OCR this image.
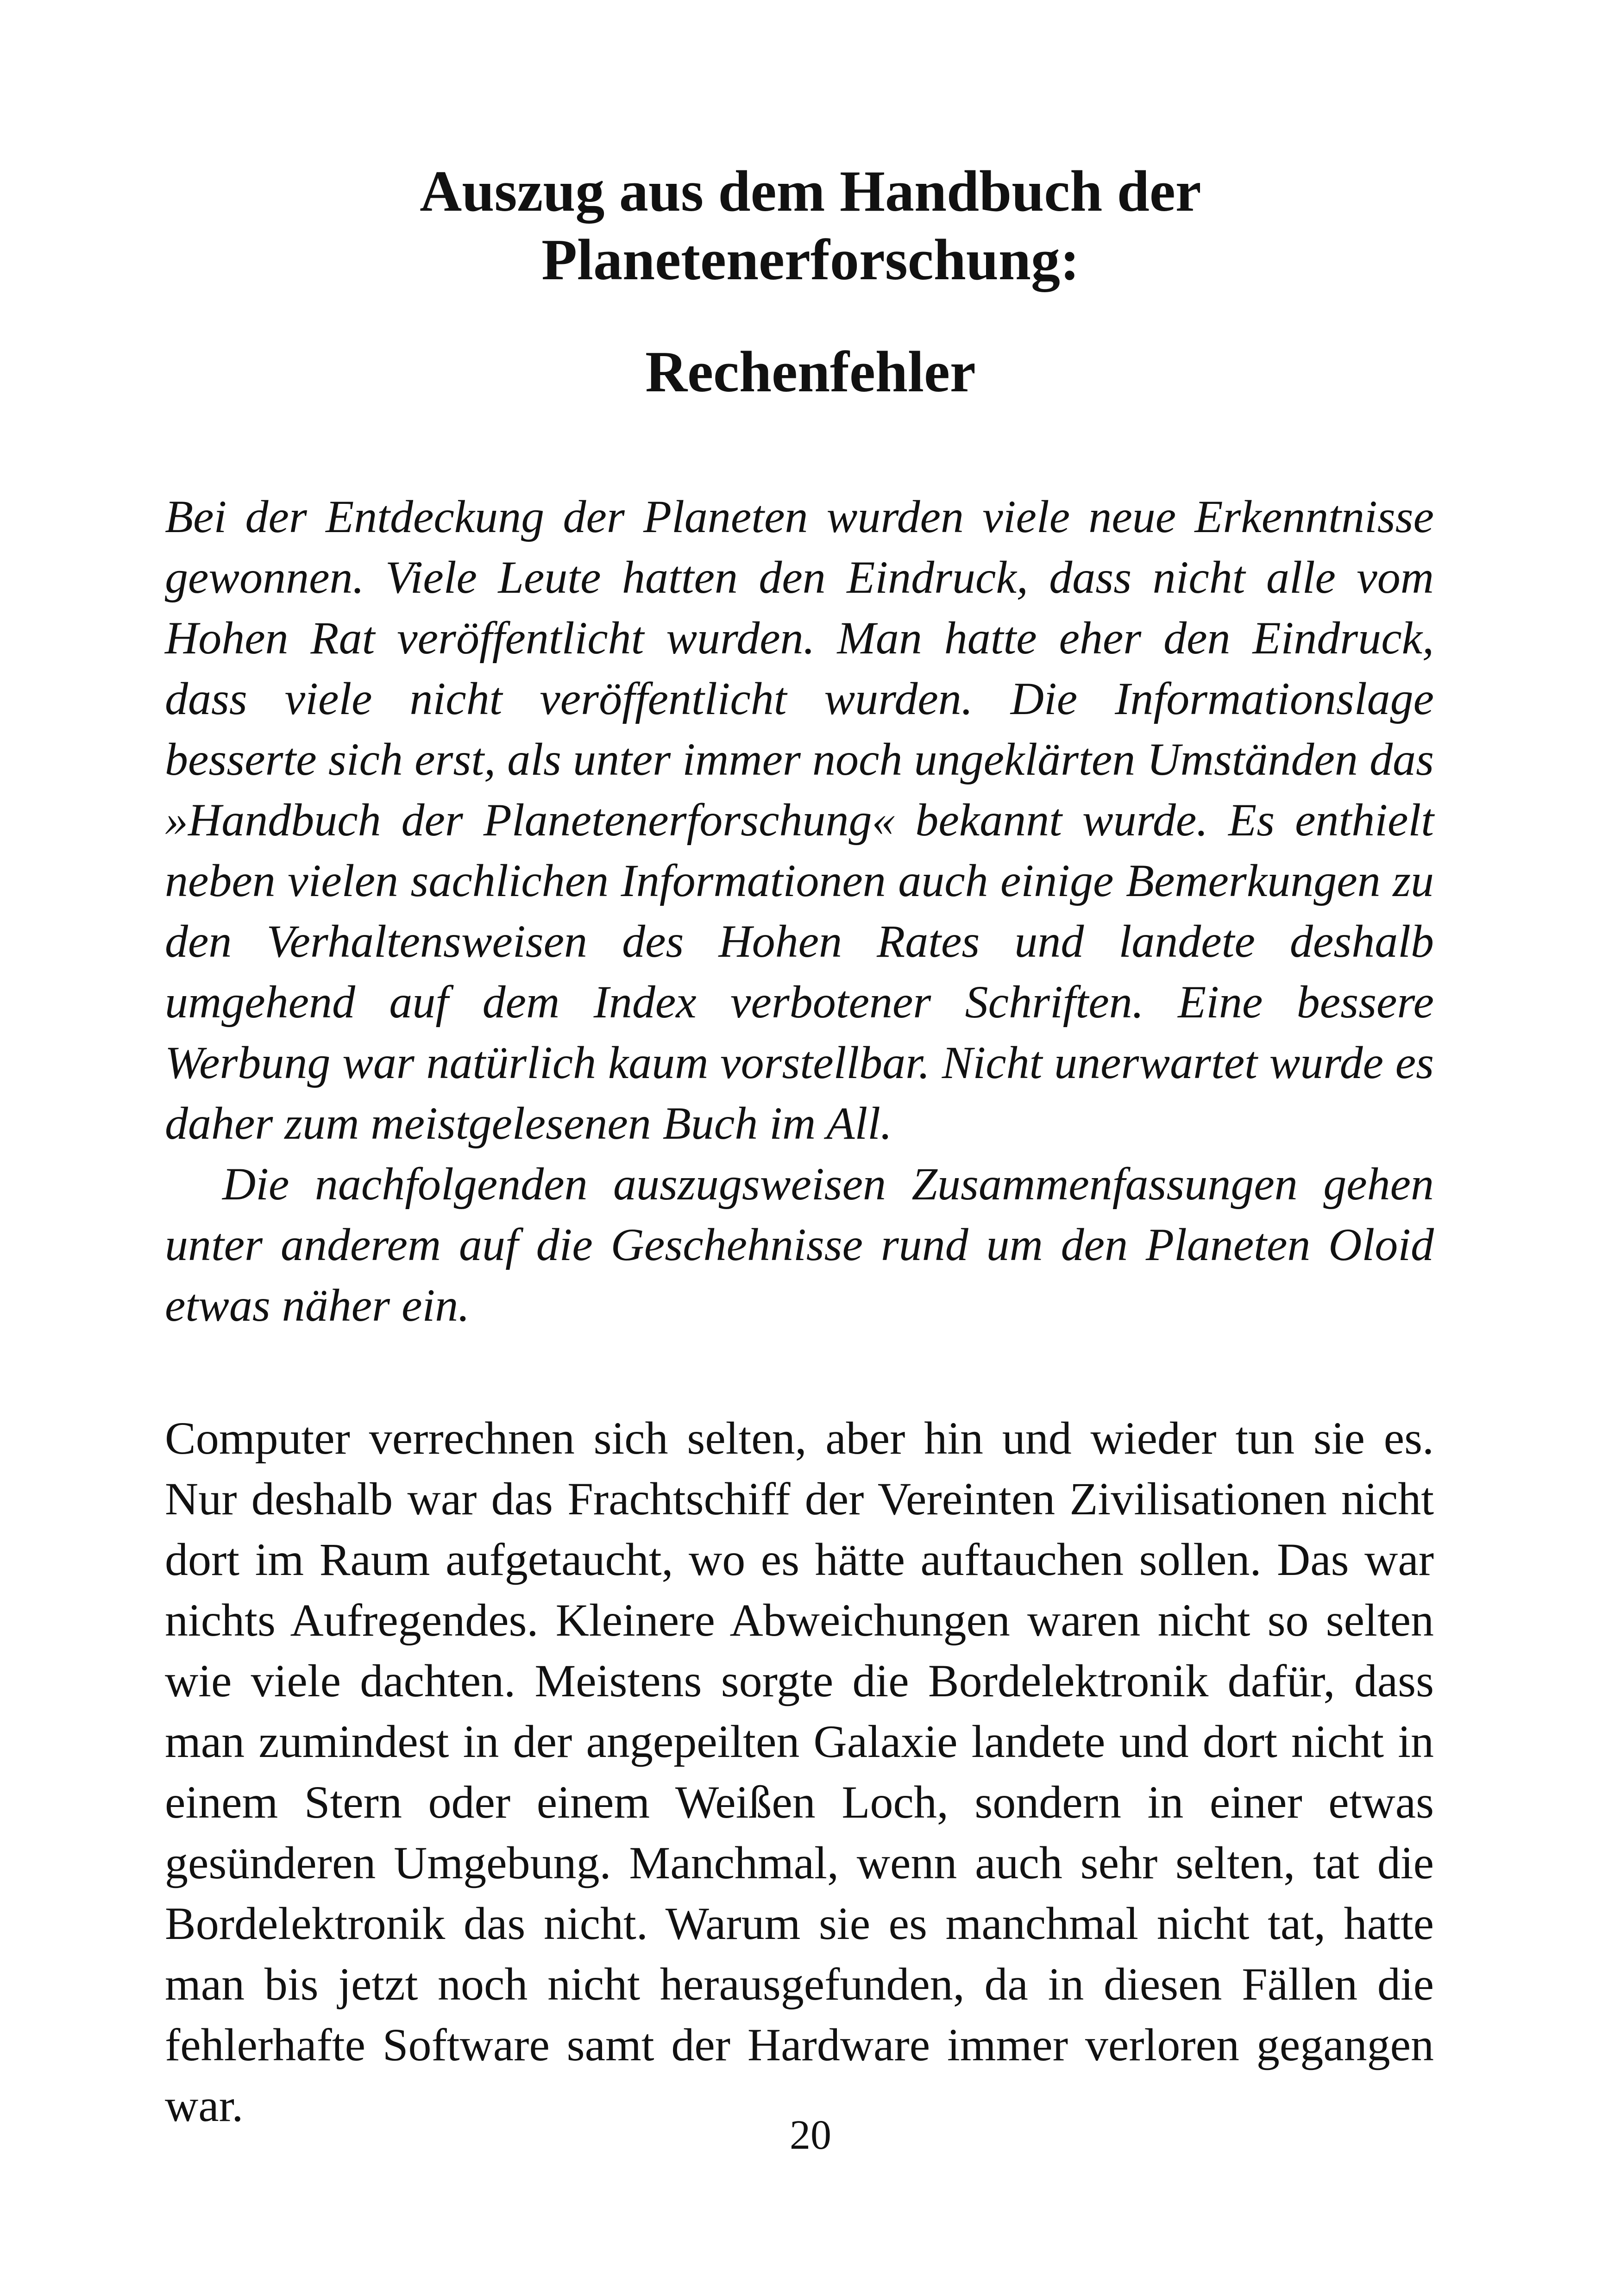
Auszug aus dem Handbuch der
Planetenerforschung:
Rechenfehler

Bei der Entdeckung der Planeten wurden viele neue Erkenntnisse gewonnen. Viele Leute hatten den Eindruck, dass nicht alle vom Hohen Rat veröffentlicht wurden. Man hatte eher den Eindruck, dass viele nicht veröffentlicht wurden. Die Informationslage besserte sich erst, als unter immer noch ungeklärten Umständen das »Handbuch der Planetenerforschung« bekannt wurde. Es enthielt neben vielen sachlichen Informationen auch einige Bemerkungen zu den Verhaltensweisen des Hohen Rates und landete deshalb umgehend auf dem Index verbotener Schriften. Eine bessere Werbung war natürlich kaum vorstellbar. Nicht unerwartet wurde es daher zum meistgelesenen Buch im All.

Die nachfolgenden auszugsweisen Zusammenfassungen gehen unter anderem auf die Geschehnisse rund um den Planeten Oloid etwas näher ein.

Computer verrechnen sich selten, aber hin und wieder tun sie es. Nur deshalb war das Frachtschiff der Vereinten Zivilisationen nicht dort im Raum aufgetaucht, wo es hätte auftauchen sollen. Das war nichts Aufregendes. Kleinere Abweichungen waren nicht so selten wie viele dachten. Meistens sorgte die Bordelektronik dafür, dass man zumindest in der angepeilten Galaxie landete und dort nicht in einem Stern oder einem Weißen Loch, sondern in einer etwas gesünderen Umgebung. Manchmal, wenn auch sehr selten, tat die Bordelektronik das nicht. Warum sie es manchmal nicht tat, hatte man bis jetzt noch nicht herausgefunden, da in diesen Fällen die fehlerhafte Software samt der Hardware immer verloren gegangen war.

20
